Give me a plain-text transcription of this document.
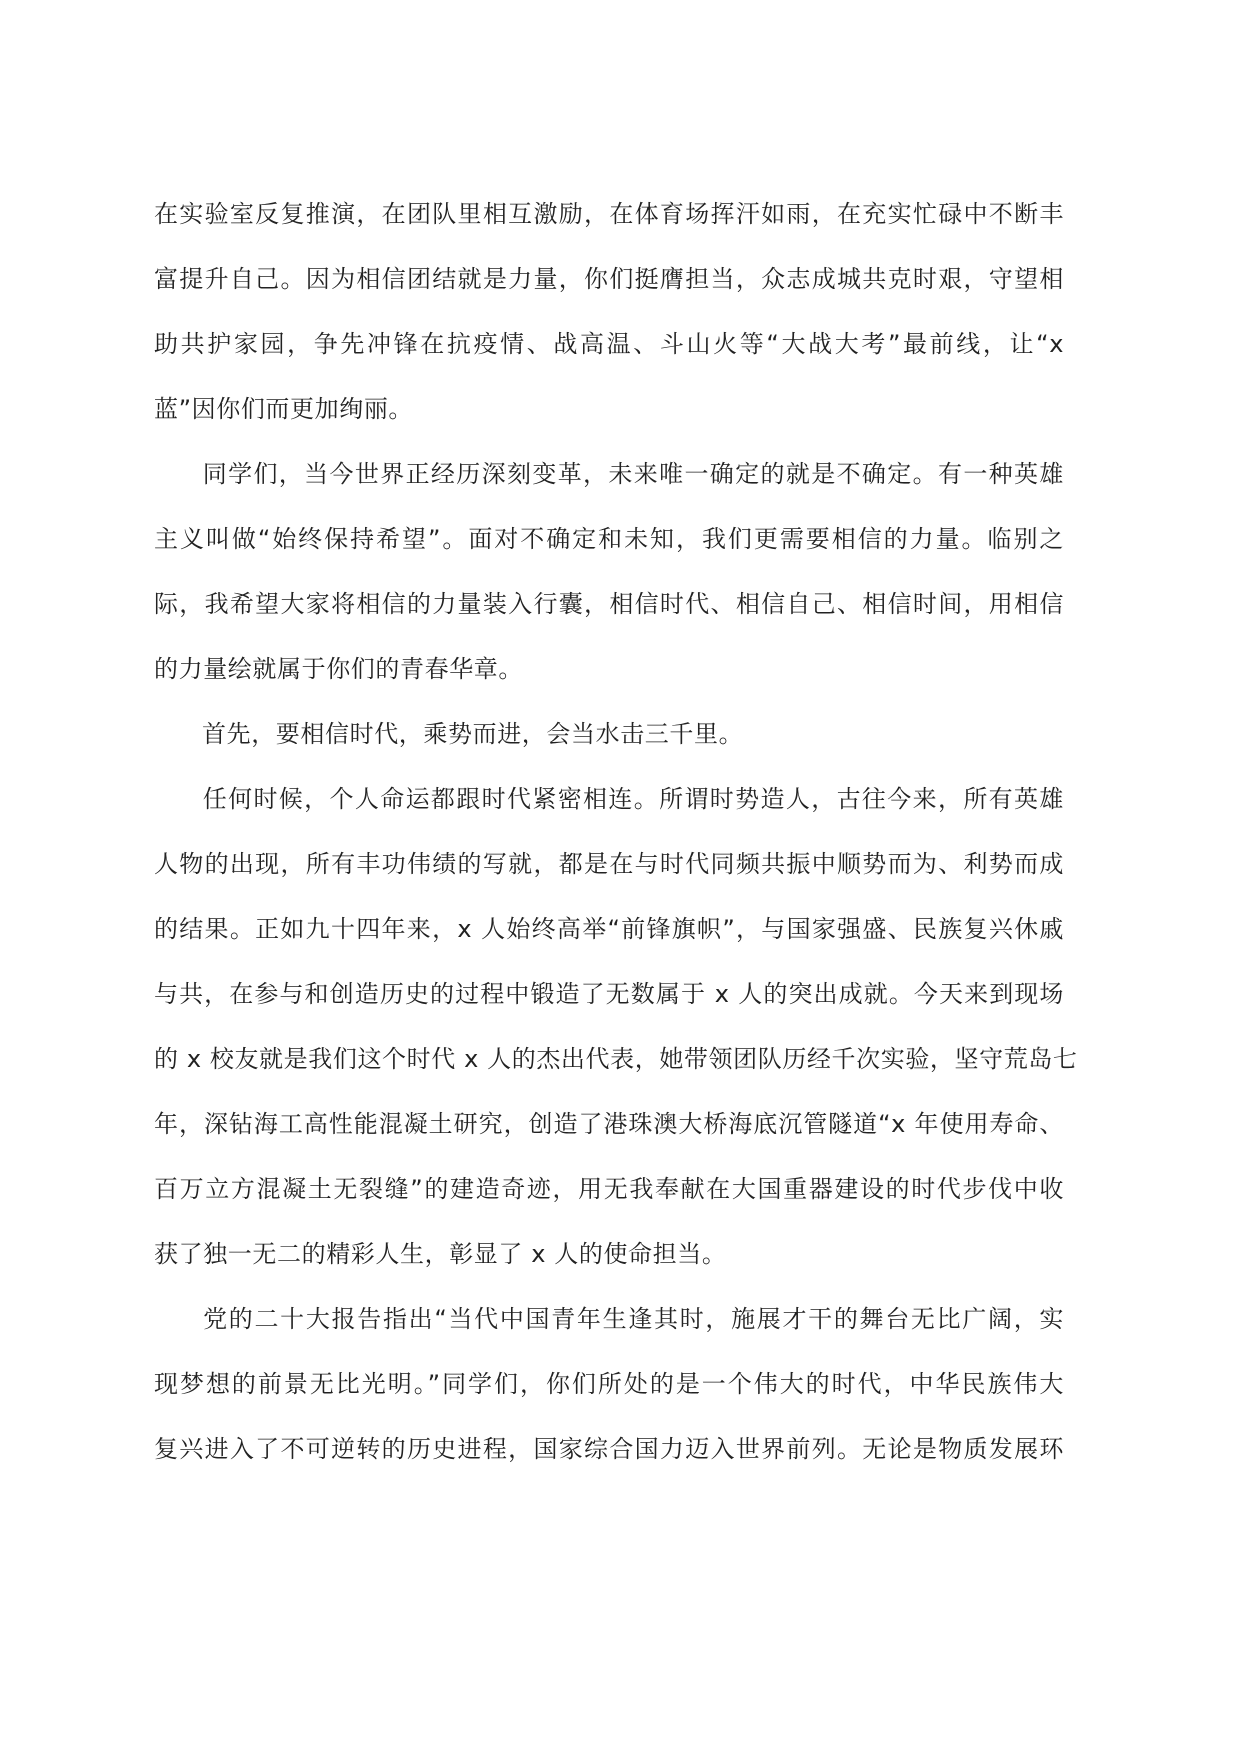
在实验室反复推演，在团队里相互激励，在体育场挥汗如雨，在充实忙碌中不断丰
富提升自己。因为相信团结就是力量，你们挺膺担当，众志成城共克时艰，守望相
助共护家园，争先冲锋在抗疫情、战高温、斗山火等“大战大考”最前线，让“x
蓝”因你们而更加绚丽。
同学们，当今世界正经历深刻变革，未来唯一确定的就是不确定。有一种英雄
主义叫做“始终保持希望”。面对不确定和未知，我们更需要相信的力量。临别之
际，我希望大家将相信的力量装入行囊，相信时代、相信自己、相信时间，用相信
的力量绘就属于你们的青春华章。
首先，要相信时代，乘势而进，会当水击三千里。
任何时候，个人命运都跟时代紧密相连。所谓时势造人，古往今来，所有英雄
人物的出现，所有丰功伟绩的写就，都是在与时代同频共振中顺势而为、利势而成
的结果。正如九十四年来，x 人始终高举“前锋旗帜”，与国家强盛、民族复兴休戚
与共，在参与和创造历史的过程中锻造了无数属于 x 人的突出成就。今天来到现场
的 x 校友就是我们这个时代 x 人的杰出代表，她带领团队历经千次实验，坚守荒岛七
年，深钻海工高性能混凝土研究，创造了港珠澳大桥海底沉管隧道“x 年使用寿命、
百万立方混凝土无裂缝”的建造奇迹，用无我奉献在大国重器建设的时代步伐中收
获了独一无二的精彩人生，彰显了 x 人的使命担当。
党的二十大报告指出“当代中国青年生逢其时，施展才干的舞台无比广阔，实
现梦想的前景无比光明。”同学们，你们所处的是一个伟大的时代，中华民族伟大
复兴进入了不可逆转的历史进程，国家综合国力迈入世界前列。无论是物质发展环
